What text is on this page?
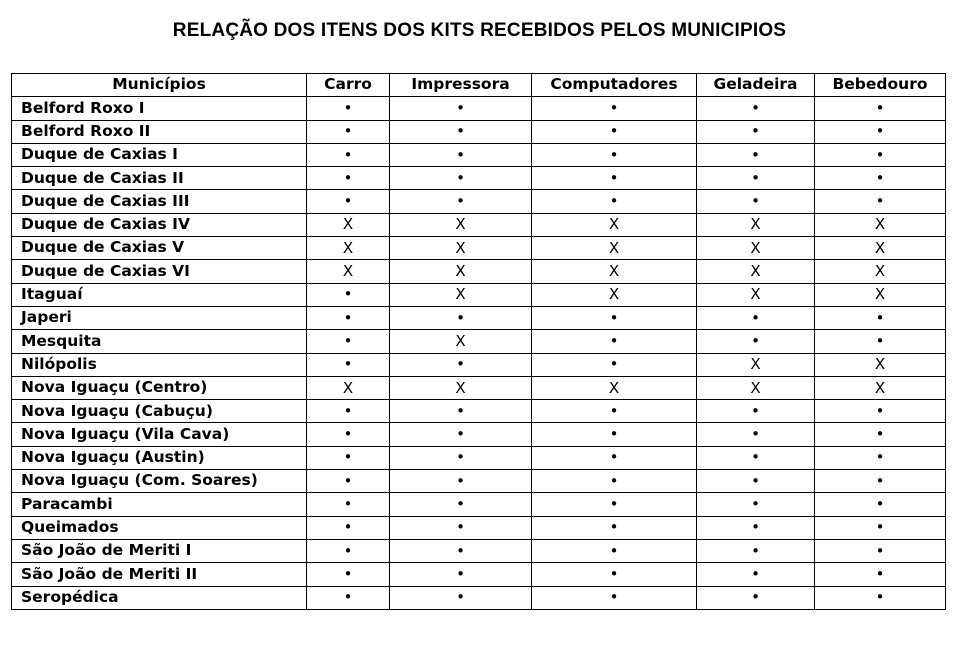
RELAÇÃO DOS ITENS DOS KITS RECEBIDOS PELOS MUNICIPIOS
Municípios	Carro	Impressora	Computadores	Geladeira	Bebedouro
Belford Roxo I	•	•	•	•	•
Belford Roxo II	•	•	•	•	•
Duque de Caxias I	•	•	•	•	•
Duque de Caxias II	•	•	•	•	•
Duque de Caxias III	•	•	•	•	•
Duque de Caxias IV	X	X	X	X	X
Duque de Caxias V	X	X	X	X	X
Duque de Caxias VI	X	X	X	X	X
Itaguaí	•	X	X	X	X
Japeri	•	•	•	•	•
Mesquita	•	X	•	•	•
Nilópolis	•	•	•	X	X
Nova Iguaçu (Centro)	X	X	X	X	X
Nova Iguaçu (Cabuçu)	•	•	•	•	•
Nova Iguaçu (Vila Cava)	•	•	•	•	•
Nova Iguaçu (Austin)	•	•	•	•	•
Nova Iguaçu (Com. Soares)	•	•	•	•	•
Paracambi	•	•	•	•	•
Queimados	•	•	•	•	•
São João de Meriti I	•	•	•	•	•
São João de Meriti II	•	•	•	•	•
Seropédica	•	•	•	•	•
